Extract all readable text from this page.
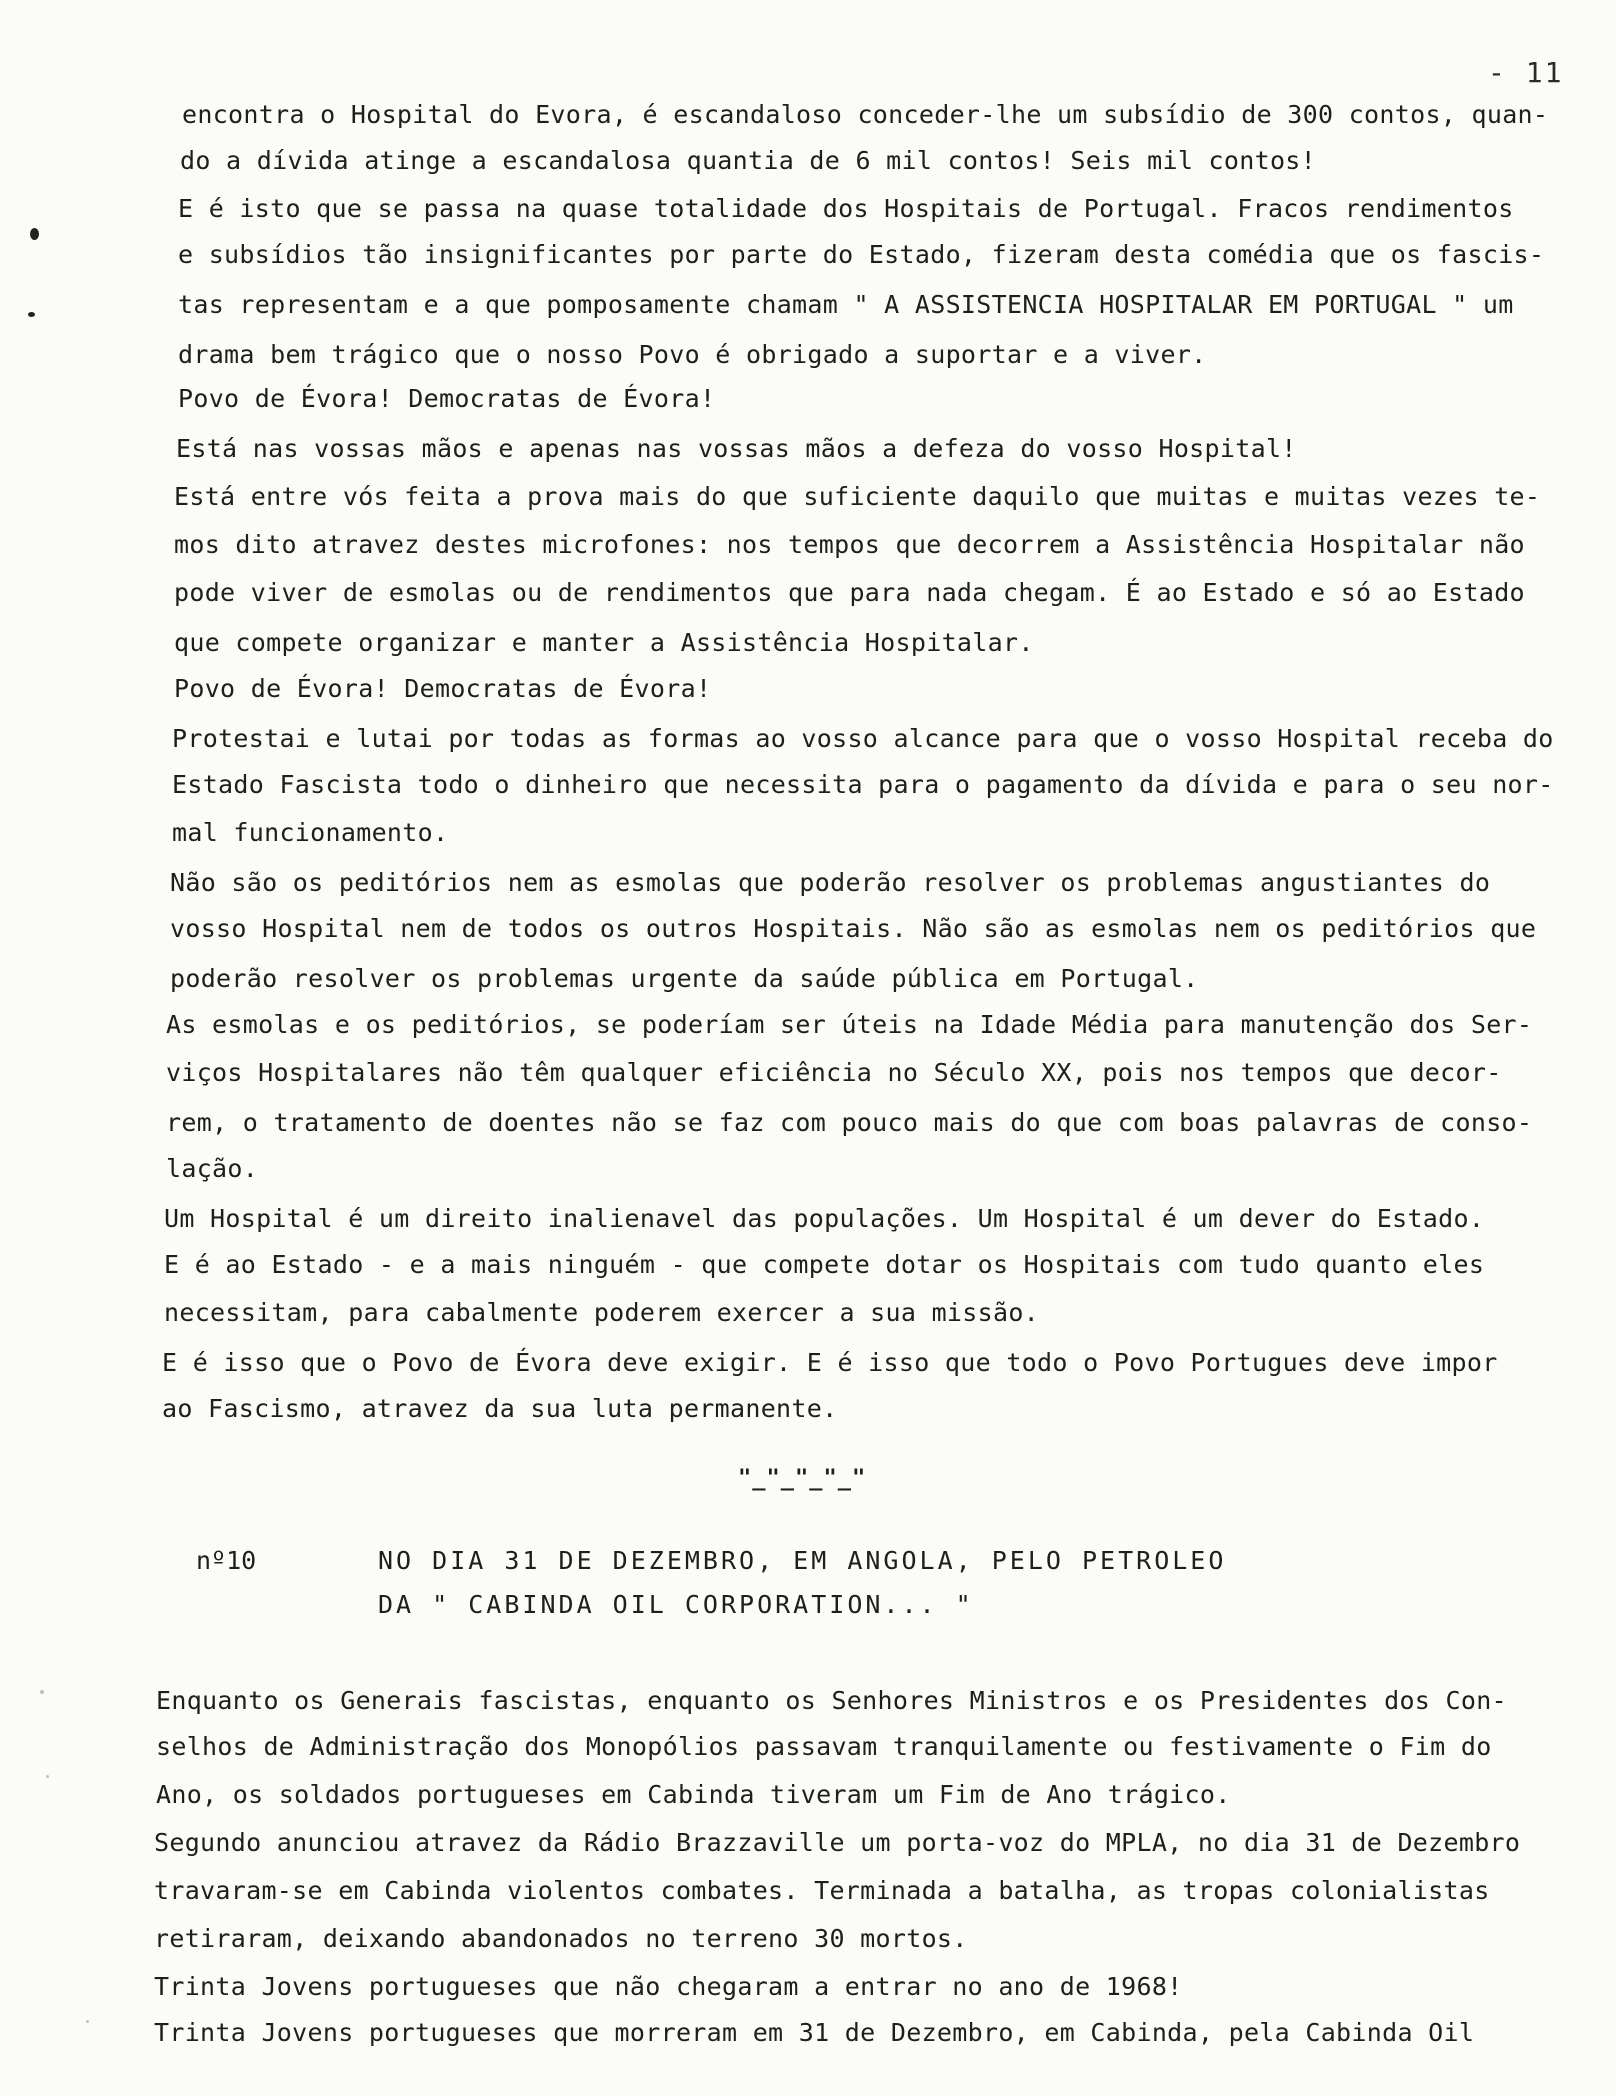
- 11
encontra o Hospital do Evora, é escandaloso conceder-lhe um subsídio de 300 contos, quan-
do a dívida atinge a escandalosa quantia de 6 mil contos! Seis mil contos!
E é isto que se passa na quase totalidade dos Hospitais de Portugal. Fracos rendimentos
e subsídios tão insignificantes por parte do Estado, fizeram desta comédia que os fascis-
tas representam e a que pomposamente chamam " A ASSISTENCIA HOSPITALAR EM PORTUGAL " um
drama bem trágico que o nosso Povo é obrigado a suportar e a viver.
Povo de Évora! Democratas de Évora!
Está nas vossas mãos e apenas nas vossas mãos a defeza do vosso Hospital!
Está entre vós feita a prova mais do que suficiente daquilo que muitas e muitas vezes te-
mos dito atravez destes microfones: nos tempos que decorrem a Assistência Hospitalar não
pode viver de esmolas ou de rendimentos que para nada chegam. É ao Estado e só ao Estado
que compete organizar e manter a Assistência Hospitalar.
Povo de Évora! Democratas de Évora!
Protestai e lutai por todas as formas ao vosso alcance para que o vosso Hospital receba do
Estado Fascista todo o dinheiro que necessita para o pagamento da dívida e para o seu nor-
mal funcionamento.
Não são os peditórios nem as esmolas que poderão resolver os problemas angustiantes do
vosso Hospital nem de todos os outros Hospitais. Não são as esmolas nem os peditórios que
poderão resolver os problemas urgente da saúde pública em Portugal.
As esmolas e os peditórios, se poderíam ser úteis na Idade Média para manutenção dos Ser-
viços Hospitalares não têm qualquer eficiência no Século XX, pois nos tempos que decor-
rem, o tratamento de doentes não se faz com pouco mais do que com boas palavras de conso-
lação.
Um Hospital é um direito inalienavel das populações. Um Hospital é um dever do Estado.
E é ao Estado - e a mais ninguém - que compete dotar os Hospitais com tudo quanto eles
necessitam, para cabalmente poderem exercer a sua missão.
E é isso que o Povo de Évora deve exigir. E é isso que todo o Povo Portugues deve impor
ao Fascismo, atravez da sua luta permanente.
"_"_"_"_"
nº10	NO DIA 31 DE DEZEMBRO, EM ANGOLA, PELO PETROLEO
DA " CABINDA OIL CORPORATION... "
Enquanto os Generais fascistas, enquanto os Senhores Ministros e os Presidentes dos Con-
selhos de Administração dos Monopólios passavam tranquilamente ou festivamente o Fim do
Ano, os soldados portugueses em Cabinda tiveram um Fim de Ano trágico.
Segundo anunciou atravez da Rádio Brazzaville um porta-voz do MPLA, no dia 31 de Dezembro
travaram-se em Cabinda violentos combates. Terminada a batalha, as tropas colonialistas
retiraram, deixando abandonados no terreno 30 mortos.
Trinta Jovens portugueses que não chegaram a entrar no ano de 1968!
Trinta Jovens portugueses que morreram em 31 de Dezembro, em Cabinda, pela Cabinda Oil
